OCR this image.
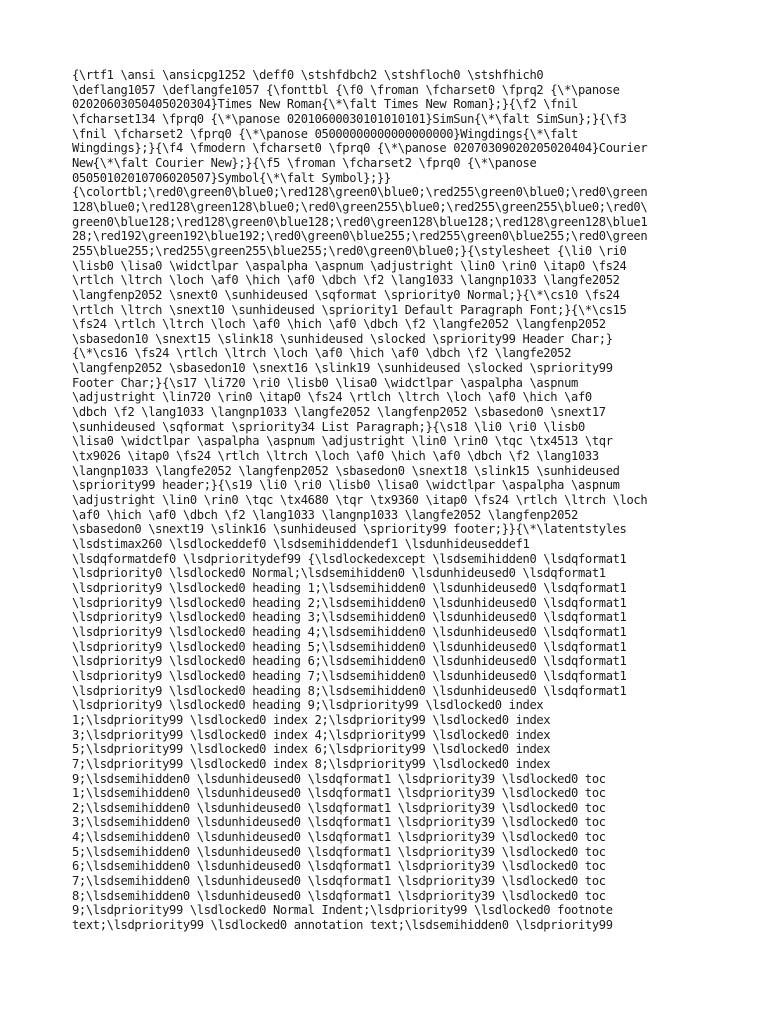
{\rtf1 \ansi \ansicpg1252 \deff0 \stshfdbch2 \stshfloch0 \stshfhich0
\deflang1057 \deflangfe1057 {\fonttbl {\f0 \froman \fcharset0 \fprq2 {\*\panose
02020603050405020304}Times New Roman{\*\falt Times New Roman};}{\f2 \fnil
\fcharset134 \fprq0 {\*\panose 02010600030101010101}SimSun{\*\falt SimSun};}{\f3
\fnil \fcharset2 \fprq0 {\*\panose 05000000000000000000}Wingdings{\*\falt
Wingdings};}{\f4 \fmodern \fcharset0 \fprq0 {\*\panose 02070309020205020404}Courier
New{\*\falt Courier New};}{\f5 \froman \fcharset2 \fprq0 {\*\panose
05050102010706020507}Symbol{\*\falt Symbol};}}
{\colortbl;\red0\green0\blue0;\red128\green0\blue0;\red255\green0\blue0;\red0\green
128\blue0;\red128\green128\blue0;\red0\green255\blue0;\red255\green255\blue0;\red0\
green0\blue128;\red128\green0\blue128;\red0\green128\blue128;\red128\green128\blue1
28;\red192\green192\blue192;\red0\green0\blue255;\red255\green0\blue255;\red0\green
255\blue255;\red255\green255\blue255;\red0\green0\blue0;}{\stylesheet {\li0 \ri0
\lisb0 \lisa0 \widctlpar \aspalpha \aspnum \adjustright \lin0 \rin0 \itap0 \fs24
\rtlch \ltrch \loch \af0 \hich \af0 \dbch \f2 \lang1033 \langnp1033 \langfe2052
\langfenp2052 \snext0 \sunhideused \sqformat \spriority0 Normal;}{\*\cs10 \fs24
\rtlch \ltrch \snext10 \sunhideused \spriority1 Default Paragraph Font;}{\*\cs15
\fs24 \rtlch \ltrch \loch \af0 \hich \af0 \dbch \f2 \langfe2052 \langfenp2052
\sbasedon10 \snext15 \slink18 \sunhideused \slocked \spriority99 Header Char;}
{\*\cs16 \fs24 \rtlch \ltrch \loch \af0 \hich \af0 \dbch \f2 \langfe2052
\langfenp2052 \sbasedon10 \snext16 \slink19 \sunhideused \slocked \spriority99
Footer Char;}{\s17 \li720 \ri0 \lisb0 \lisa0 \widctlpar \aspalpha \aspnum
\adjustright \lin720 \rin0 \itap0 \fs24 \rtlch \ltrch \loch \af0 \hich \af0
\dbch \f2 \lang1033 \langnp1033 \langfe2052 \langfenp2052 \sbasedon0 \snext17
\sunhideused \sqformat \spriority34 List Paragraph;}{\s18 \li0 \ri0 \lisb0
\lisa0 \widctlpar \aspalpha \aspnum \adjustright \lin0 \rin0 \tqc \tx4513 \tqr
\tx9026 \itap0 \fs24 \rtlch \ltrch \loch \af0 \hich \af0 \dbch \f2 \lang1033
\langnp1033 \langfe2052 \langfenp2052 \sbasedon0 \snext18 \slink15 \sunhideused
\spriority99 header;}{\s19 \li0 \ri0 \lisb0 \lisa0 \widctlpar \aspalpha \aspnum
\adjustright \lin0 \rin0 \tqc \tx4680 \tqr \tx9360 \itap0 \fs24 \rtlch \ltrch \loch
\af0 \hich \af0 \dbch \f2 \lang1033 \langnp1033 \langfe2052 \langfenp2052
\sbasedon0 \snext19 \slink16 \sunhideused \spriority99 footer;}}{\*\latentstyles
\lsdstimax260 \lsdlockeddef0 \lsdsemihiddendef1 \lsdunhideuseddef1
\lsdqformatdef0 \lsdprioritydef99 {\lsdlockedexcept \lsdsemihidden0 \lsdqformat1
\lsdpriority0 \lsdlocked0 Normal;\lsdsemihidden0 \lsdunhideused0 \lsdqformat1
\lsdpriority9 \lsdlocked0 heading 1;\lsdsemihidden0 \lsdunhideused0 \lsdqformat1
\lsdpriority9 \lsdlocked0 heading 2;\lsdsemihidden0 \lsdunhideused0 \lsdqformat1
\lsdpriority9 \lsdlocked0 heading 3;\lsdsemihidden0 \lsdunhideused0 \lsdqformat1
\lsdpriority9 \lsdlocked0 heading 4;\lsdsemihidden0 \lsdunhideused0 \lsdqformat1
\lsdpriority9 \lsdlocked0 heading 5;\lsdsemihidden0 \lsdunhideused0 \lsdqformat1
\lsdpriority9 \lsdlocked0 heading 6;\lsdsemihidden0 \lsdunhideused0 \lsdqformat1
\lsdpriority9 \lsdlocked0 heading 7;\lsdsemihidden0 \lsdunhideused0 \lsdqformat1
\lsdpriority9 \lsdlocked0 heading 8;\lsdsemihidden0 \lsdunhideused0 \lsdqformat1
\lsdpriority9 \lsdlocked0 heading 9;\lsdpriority99 \lsdlocked0 index
1;\lsdpriority99 \lsdlocked0 index 2;\lsdpriority99 \lsdlocked0 index
3;\lsdpriority99 \lsdlocked0 index 4;\lsdpriority99 \lsdlocked0 index
5;\lsdpriority99 \lsdlocked0 index 6;\lsdpriority99 \lsdlocked0 index
7;\lsdpriority99 \lsdlocked0 index 8;\lsdpriority99 \lsdlocked0 index
9;\lsdsemihidden0 \lsdunhideused0 \lsdqformat1 \lsdpriority39 \lsdlocked0 toc
1;\lsdsemihidden0 \lsdunhideused0 \lsdqformat1 \lsdpriority39 \lsdlocked0 toc
2;\lsdsemihidden0 \lsdunhideused0 \lsdqformat1 \lsdpriority39 \lsdlocked0 toc
3;\lsdsemihidden0 \lsdunhideused0 \lsdqformat1 \lsdpriority39 \lsdlocked0 toc
4;\lsdsemihidden0 \lsdunhideused0 \lsdqformat1 \lsdpriority39 \lsdlocked0 toc
5;\lsdsemihidden0 \lsdunhideused0 \lsdqformat1 \lsdpriority39 \lsdlocked0 toc
6;\lsdsemihidden0 \lsdunhideused0 \lsdqformat1 \lsdpriority39 \lsdlocked0 toc
7;\lsdsemihidden0 \lsdunhideused0 \lsdqformat1 \lsdpriority39 \lsdlocked0 toc
8;\lsdsemihidden0 \lsdunhideused0 \lsdqformat1 \lsdpriority39 \lsdlocked0 toc
9;\lsdpriority99 \lsdlocked0 Normal Indent;\lsdpriority99 \lsdlocked0 footnote
text;\lsdpriority99 \lsdlocked0 annotation text;\lsdsemihidden0 \lsdpriority99
